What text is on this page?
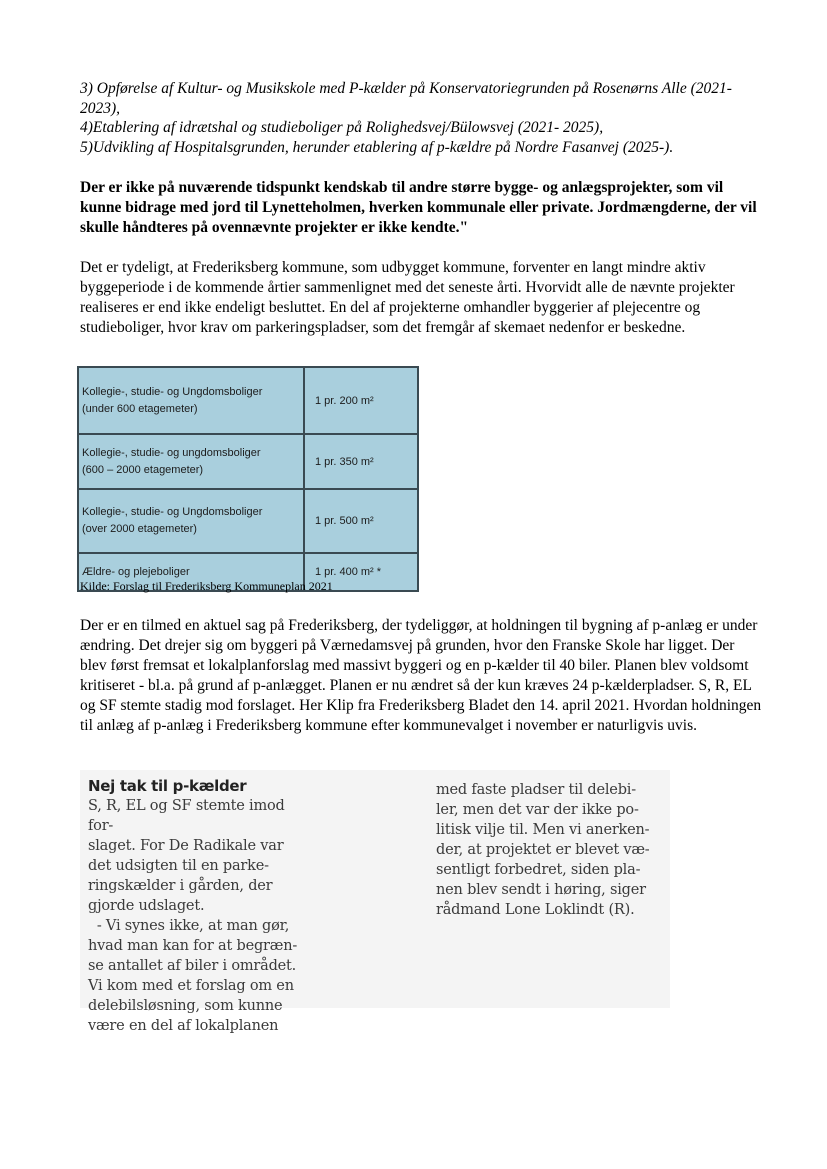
3) Opførelse af Kultur- og Musikskole med P-kælder på Konservatoriegrunden på Rosenørns Alle (2021-2023),

4)Etablering af idrætshal og studieboliger på Rolighedsvej/Bülowsvej (2021- 2025),

5)Udvikling af Hospitalsgrunden, herunder etablering af p-kældre på Nordre Fasanvej (2025-).

Der er ikke på nuværende tidspunkt kendskab til andre større bygge- og anlægsprojekter, som vil kunne bidrage med jord til Lynetteholmen, hverken kommunale eller private. Jordmængderne, der vil skulle håndteres på ovennævnte projekter er ikke kendte."

Det er tydeligt, at Frederiksberg kommune, som udbygget kommune, forventer en langt mindre aktiv byggeperiode i de kommende årtier sammenlignet med det seneste årti. Hvorvidt alle de nævnte projekter realiseres er end ikke endeligt besluttet. En del af projekterne omhandler byggerier af plejecentre og studieboliger, hvor krav om parkeringspladser, som det fremgår af skemaet nedenfor er beskedne.

Kollegie-, studie- og Ungdomsboliger
(under 600 etagemeter)	1 pr. 200 m²
Kollegie-, studie- og ungdomsboliger
(600 – 2000 etagemeter)	1 pr. 350 m²
Kollegie-, studie- og Ungdomsboliger
(over 2000 etagemeter)	1 pr. 500 m²
Ældre- og plejeboliger	1 pr. 400 m² *

Kilde: Forslag til Frederiksberg Kommuneplan 2021

Der er en tilmed en aktuel sag på Frederiksberg, der tydeliggør, at holdningen til bygning af p-anlæg er under ændring. Det drejer sig om byggeri på Værnedamsvej på grunden, hvor den Franske Skole har ligget. Der blev først fremsat et lokalplanforslag med massivt byggeri og en p-kælder til 40 biler. Planen blev voldsomt kritiseret - bl.a. på grund af p-anlægget. Planen er nu ændret så der kun kræves 24 p-kælderpladser. S, R, EL og SF stemte stadig mod forslaget. Her Klip fra Frederiksberg Bladet den 14. april 2021. Hvordan holdningen til anlæg af p-anlæg i Frederiksberg kommune efter kommunevalget i november er naturligvis uvis.

Nej tak til p-kælder

S, R, EL og SF stemte imod for-

slaget. For De Radikale var

det udsigten til en parke-

ringskælder i gården, der

gjorde udslaget.

- Vi synes ikke, at man gør,

hvad man kan for at begræn-

se antallet af biler i området.

Vi kom med et forslag om en

delebilsløsning, som kunne

være en del af lokalplanen

med faste pladser til delebi-

ler, men det var der ikke po-

litisk vilje til. Men vi anerken-

der, at projektet er blevet væ-

sentligt forbedret, siden pla-

nen blev sendt i høring, siger

rådmand Lone Loklindt (R).
